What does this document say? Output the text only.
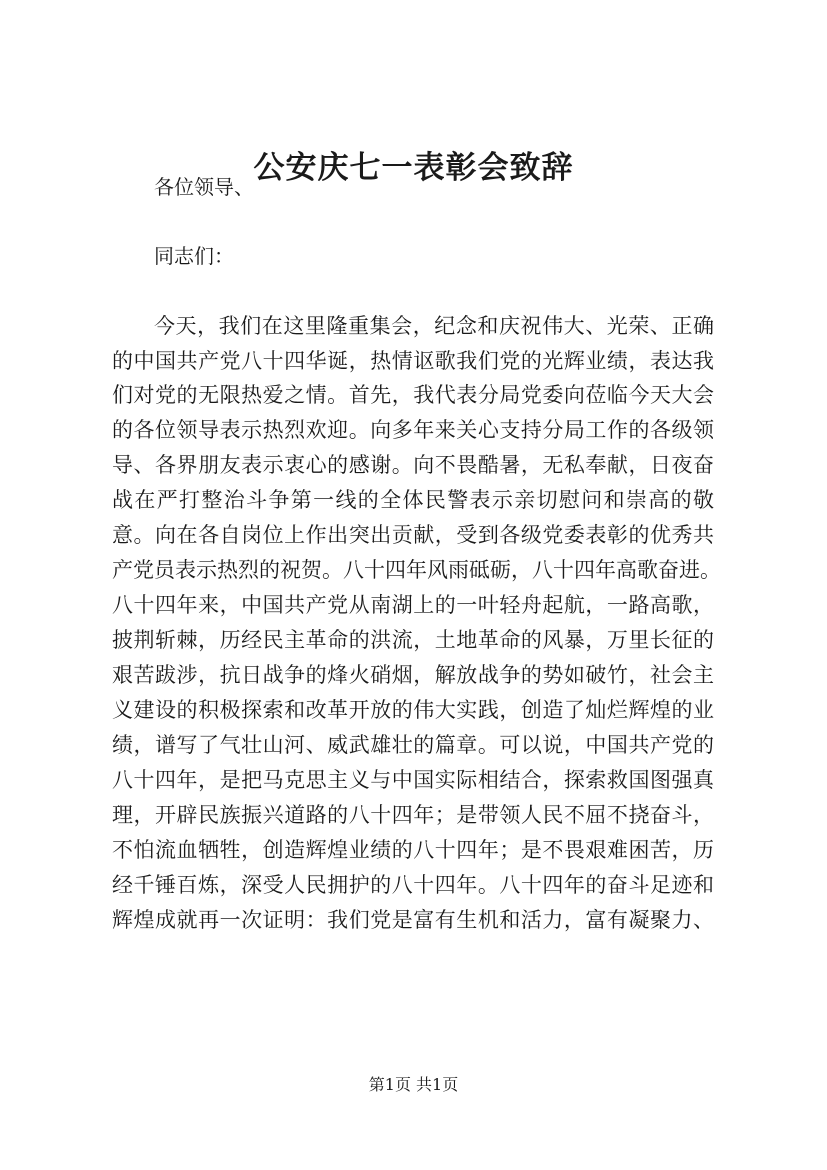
公安庆七一表彰会致辞
各位领导、
同志们：
今天，我们在这里隆重集会，纪念和庆祝伟大、光荣、正确
的中国共产党八十四华诞，热情讴歌我们党的光辉业绩，表达我
们对党的无限热爱之情。首先，我代表分局党委向莅临今天大会
的各位领导表示热烈欢迎。向多年来关心支持分局工作的各级领
导、各界朋友表示衷心的感谢。向不畏酷暑，无私奉献，日夜奋
战在严打整治斗争第一线的全体民警表示亲切慰问和崇高的敬
意。向在各自岗位上作出突出贡献，受到各级党委表彰的优秀共
产党员表示热烈的祝贺。八十四年风雨砥砺，八十四年高歌奋进。
八十四年来，中国共产党从南湖上的一叶轻舟起航，一路高歌，
披荆斩棘，历经民主革命的洪流，土地革命的风暴，万里长征的
艰苦跋涉，抗日战争的烽火硝烟，解放战争的势如破竹，社会主
义建设的积极探索和改革开放的伟大实践，创造了灿烂辉煌的业
绩，谱写了气壮山河、威武雄壮的篇章。可以说，中国共产党的
八十四年，是把马克思主义与中国实际相结合，探索救国图强真
理，开辟民族振兴道路的八十四年；是带领人民不屈不挠奋斗，
不怕流血牺牲，创造辉煌业绩的八十四年；是不畏艰难困苦，历
经千锤百炼，深受人民拥护的八十四年。八十四年的奋斗足迹和
辉煌成就再一次证明：我们党是富有生机和活力，富有凝聚力、
第1页 共1页
